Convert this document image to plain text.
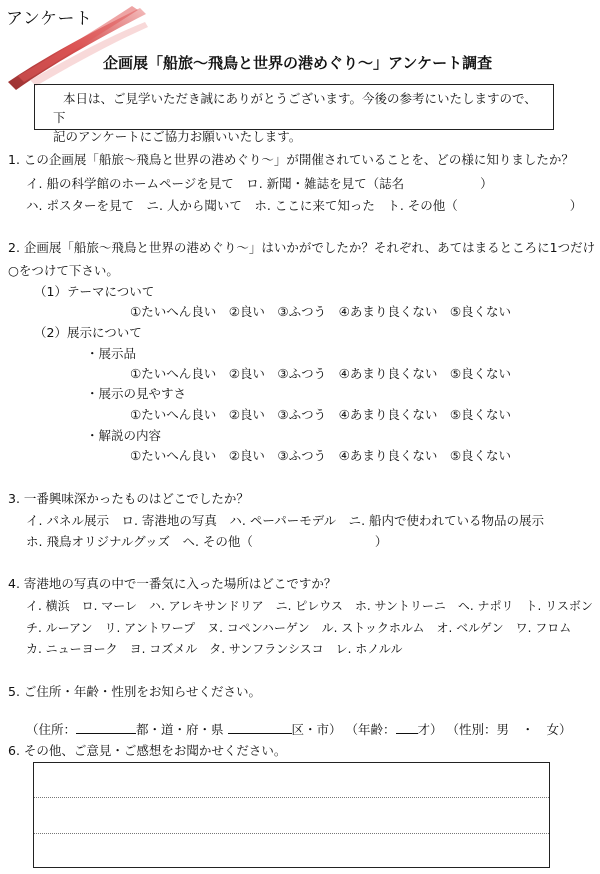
アンケート
企画展「船旅～飛鳥と世界の港めぐり～」アンケート調査
本日は、ご見学いただき誠にありがとうございます。今後の参考にいたしますので、下
記のアンケートにご協力お願いいたします。
1. この企画展「船旅～飛鳥と世界の港めぐり～」が開催されていることを、どの様に知りましたか？
イ. 船の科学館のホームページを見て　ロ. 新聞・雑誌を見て（誌名	）
ハ. ポスターを見て　ニ. 人から聞いて　ホ. ここに来て知った　ト. その他（	）
2. 企画展「船旅～飛鳥と世界の港めぐり～」はいかがでしたか？それぞれ、あてはまるところに1つだけ
○をつけて下さい。
（1）テーマについて
①たいへん良い　②良い　③ふつう　④あまり良くない　⑤良くない
（2）展示について
・展示品
①たいへん良い　②良い　③ふつう　④あまり良くない　⑤良くない
・展示の見やすさ
①たいへん良い　②良い　③ふつう　④あまり良くない　⑤良くない
・解説の内容
①たいへん良い　②良い　③ふつう　④あまり良くない　⑤良くない
3. 一番興味深かったものはどこでしたか？
イ. パネル展示　ロ. 寄港地の写真　ハ. ペーパーモデル　ニ. 船内で使われている物品の展示
ホ. 飛鳥オリジナルグッズ　ヘ. その他（	）
4. 寄港地の写真の中で一番気に入った場所はどこですか？
イ. 横浜　ロ. マーレ　ハ. アレキサンドリア　ニ. ピレウス　ホ. サントリーニ　ヘ. ナポリ　ト. リスボン
チ. ルーアン　リ. アントワープ　ヌ. コペンハーゲン　ル. ストックホルム　オ. ベルゲン　ワ. フロム
カ. ニューヨーク　ヨ. コズメル　タ. サンフランシスコ　レ. ホノルル
5. ご住所・年齢・性別をお知らせください。
（住所：	都・道・府・県	区・市） （年齢： 才） （性別：男　・　女）
6. その他、ご意見・ご感想をお聞かせください。
